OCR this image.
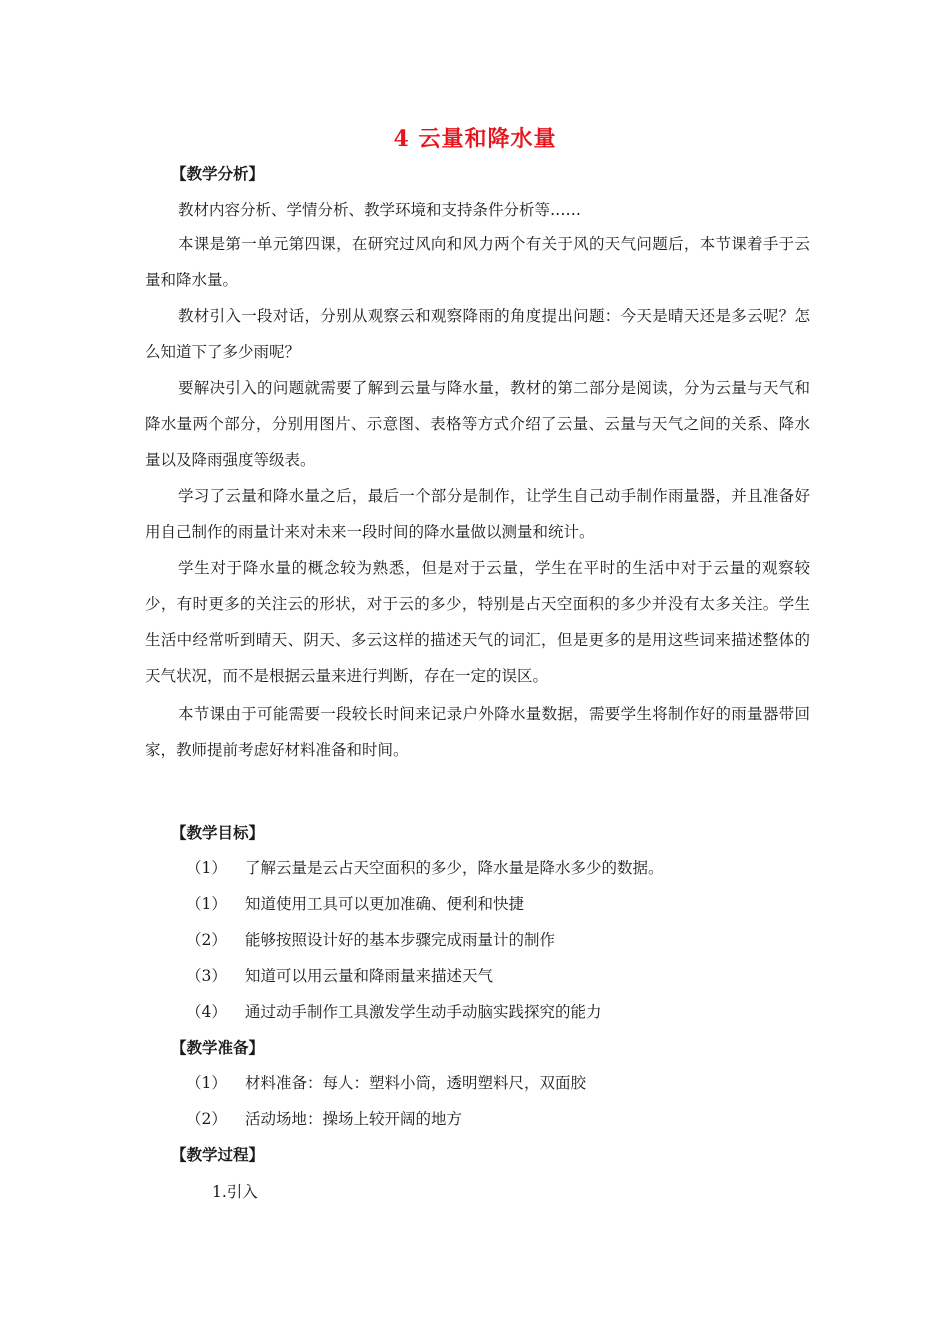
4 云量和降水量
【教学分析】
教材内容分析、学情分析、教学环境和支持条件分析等……
本课是第一单元第四课，在研究过风向和风力两个有关于风的天气问题后，本节课着手于云量和降水量。
教材引入一段对话，分别从观察云和观察降雨的角度提出问题：今天是晴天还是多云呢？怎么知道下了多少雨呢？
要解决引入的问题就需要了解到云量与降水量，教材的第二部分是阅读，分为云量与天气和降水量两个部分，分别用图片、示意图、表格等方式介绍了云量、云量与天气之间的关系、降水量以及降雨强度等级表。
学习了云量和降水量之后，最后一个部分是制作，让学生自己动手制作雨量器，并且准备好用自己制作的雨量计来对未来一段时间的降水量做以测量和统计。
学生对于降水量的概念较为熟悉，但是对于云量，学生在平时的生活中对于云量的观察较少，有时更多的关注云的形状，对于云的多少，特别是占天空面积的多少并没有太多关注。学生生活中经常听到晴天、阴天、多云这样的描述天气的词汇，但是更多的是用这些词来描述整体的天气状况，而不是根据云量来进行判断，存在一定的误区。
本节课由于可能需要一段较长时间来记录户外降水量数据，需要学生将制作好的雨量器带回家，教师提前考虑好材料准备和时间。
【教学目标】
（1） 了解云量是云占天空面积的多少，降水量是降水多少的数据。
（1） 知道使用工具可以更加准确、便利和快捷
（2） 能够按照设计好的基本步骤完成雨量计的制作
（3） 知道可以用云量和降雨量来描述天气
（4） 通过动手制作工具激发学生动手动脑实践探究的能力
【教学准备】
（1） 材料准备：每人：塑料小筒，透明塑料尺，双面胶
（2） 活动场地：操场上较开阔的地方
【教学过程】
1.引入
